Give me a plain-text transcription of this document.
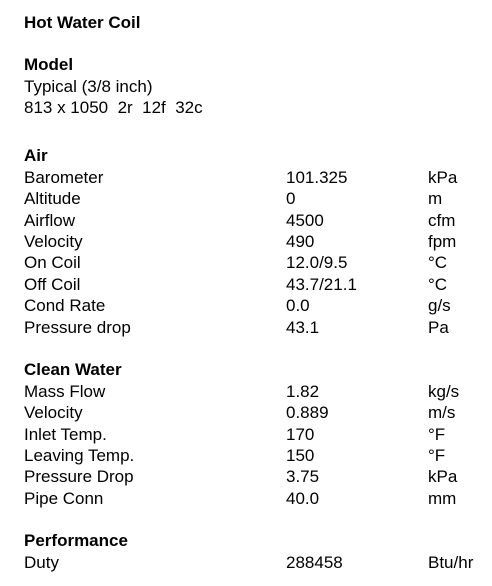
Hot Water Coil
Model
Typical (3/8 inch)
813 x 1050  2r  12f  32c
Air
Barometer	101.325	kPa
Altitude	0	m
Airflow	4500	cfm
Velocity	490	fpm
On Coil	12.0/9.5	°C
Off Coil	43.7/21.1	°C
Cond Rate	0.0	g/s
Pressure drop	43.1	Pa
Clean Water
Mass Flow	1.82	kg/s
Velocity	0.889	m/s
Inlet Temp.	170	°F
Leaving Temp.	150	°F
Pressure Drop	3.75	kPa
Pipe Conn	40.0	mm
Performance
Duty	288458	Btu/hr
